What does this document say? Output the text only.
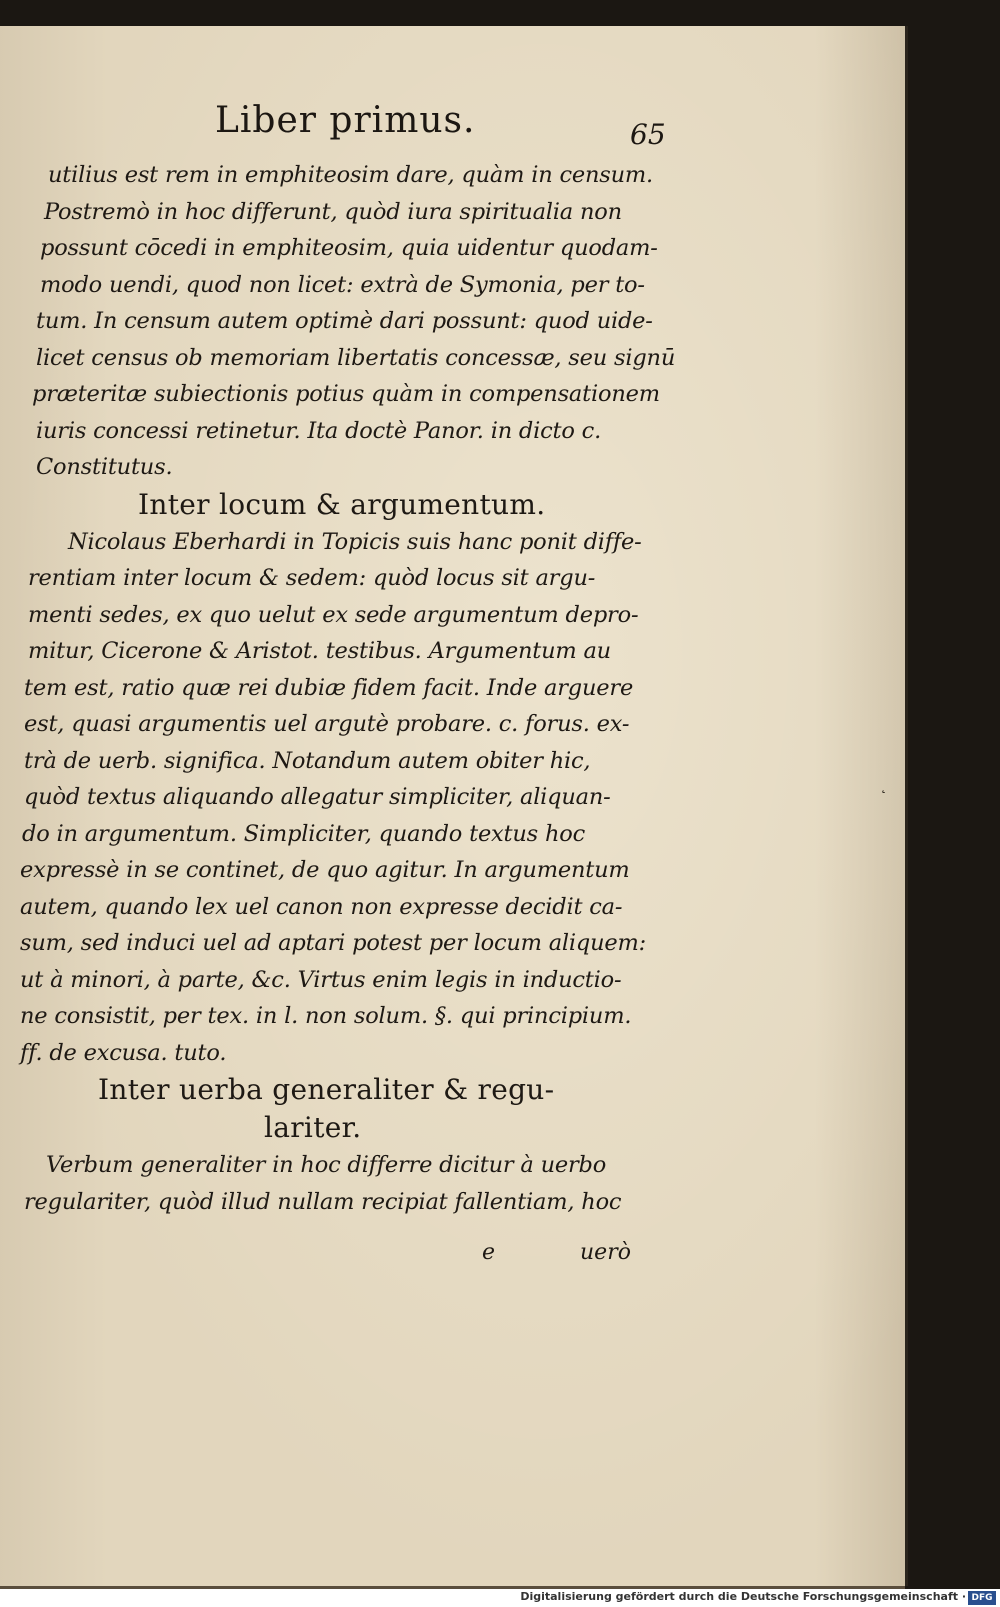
Liber primus.	65
utilius est rem in emphiteosim dare, quàm in censum.
Postremò in hoc differunt, quòd iura spiritualia non
possunt cōcedi in emphiteosim, quia uidentur quodam-
modo uendi, quod non licet: extrà de Symonia, per to-
tum. In censum autem optimè dari possunt: quod uide-
licet census ob memoriam libertatis concessæ, seu signū
præteritæ subiectionis potius quàm in compensationem
iuris concessi retinetur. Ita doctè Panor. in dicto c.
Constitutus.
Inter locum & argumentum.
Nicolaus Eberhardi in Topicis suis hanc ponit diffe-
rentiam inter locum & sedem: quòd locus sit argu-
menti sedes, ex quo uelut ex sede argumentum depro-
mitur, Cicerone & Aristot. testibus. Argumentum au
tem est, ratio quæ rei dubiæ fidem facit. Inde arguere
est, quasi argumentis uel argutè probare. c. forus. ex-
trà de uerb. significa. Notandum autem obiter hic,
quòd textus aliquando allegatur simpliciter, aliquan-
do in argumentum. Simpliciter, quando textus hoc
expressè in se continet, de quo agitur. In argumentum
autem, quando lex uel canon non expresse decidit ca-
sum, sed induci uel ad aptari potest per locum aliquem:
ut à minori, à parte, &c. Virtus enim legis in inductio-
ne consistit, per tex. in l. non solum. §. qui principium.
ff. de excusa. tuto.
Inter uerba generaliter & regu-
lariter.
Verbum generaliter in hoc differre dicitur à uerbo
regulariter, quòd illud nullam recipiat fallentiam, hoc
˛
e	uerò
Digitalisierung gefördert durch die Deutsche Forschungsgemeinschaft · DFG
